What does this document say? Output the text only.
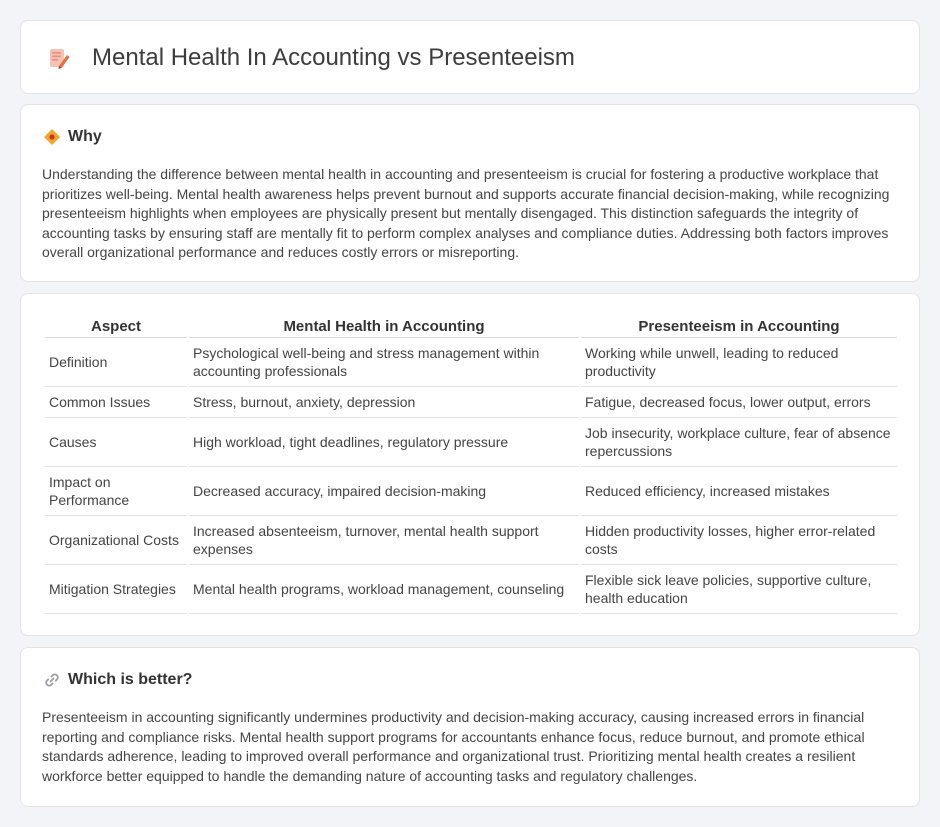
Mental Health In Accounting vs Presenteeism
Why

Understanding the difference between mental health in accounting and presenteeism is crucial for fostering a productive workplace that prioritizes well-being. Mental health awareness helps prevent burnout and supports accurate financial decision-making, while recognizing presenteeism highlights when employees are physically present but mentally disengaged. This distinction safeguards the integrity of accounting tasks by ensuring staff are mentally fit to perform complex analyses and compliance duties. Addressing both factors improves overall organizational performance and reduces costly errors or misreporting.

Aspect	Mental Health in Accounting	Presenteeism in Accounting
Definition	Psychological well-being and stress management within accounting professionals	Working while unwell, leading to reduced productivity
Common Issues	Stress, burnout, anxiety, depression	Fatigue, decreased focus, lower output, errors
Causes	High workload, tight deadlines, regulatory pressure	Job insecurity, workplace culture, fear of absence repercussions
Impact on Performance	Decreased accuracy, impaired decision-making	Reduced efficiency, increased mistakes
Organizational Costs	Increased absenteeism, turnover, mental health support expenses	Hidden productivity losses, higher error-related costs
Mitigation Strategies	Mental health programs, workload management, counseling	Flexible sick leave policies, supportive culture, health education
Which is better?

Presenteeism in accounting significantly undermines productivity and decision-making accuracy, causing increased errors in financial reporting and compliance risks. Mental health support programs for accountants enhance focus, reduce burnout, and promote ethical standards adherence, leading to improved overall performance and organizational trust. Prioritizing mental health creates a resilient workforce better equipped to handle the demanding nature of accounting tasks and regulatory challenges.
